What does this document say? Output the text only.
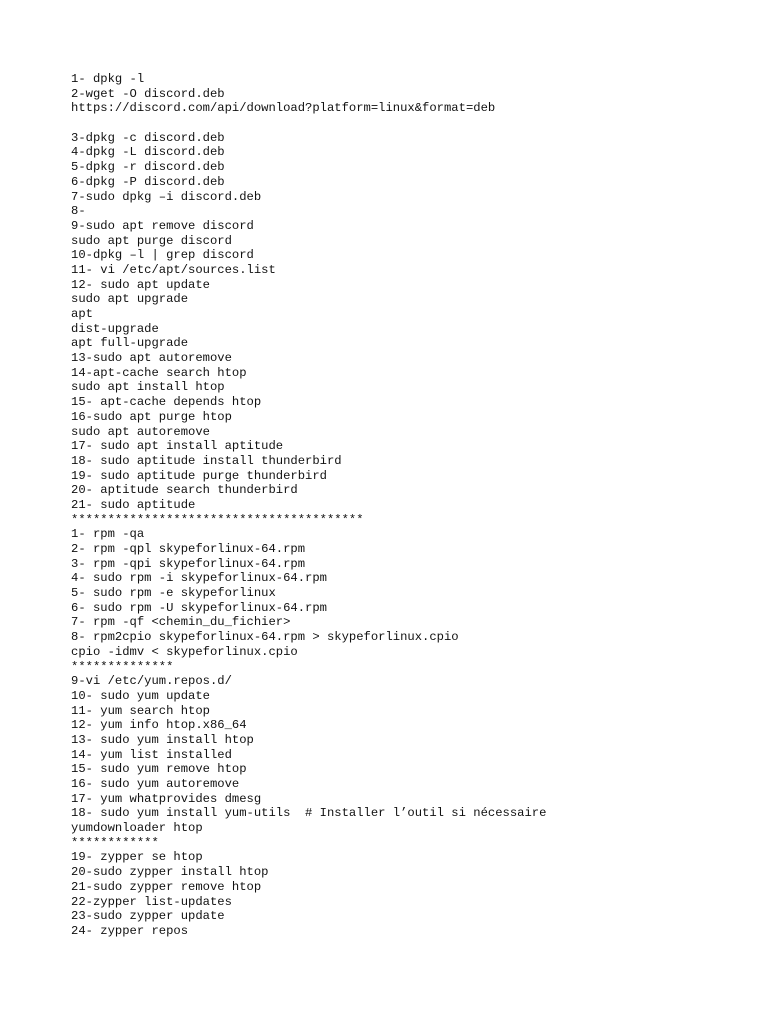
1- dpkg -l
2-wget -O discord.deb
https://discord.com/api/download?platform=linux&format=deb
3-dpkg -c discord.deb
4-dpkg -L discord.deb
5-dpkg -r discord.deb
6-dpkg -P discord.deb
7-sudo dpkg –i discord.deb
8-
9-sudo apt remove discord
sudo apt purge discord
10-dpkg –l | grep discord
11- vi /etc/apt/sources.list
12- sudo apt update
sudo apt upgrade
apt
dist-upgrade
apt full-upgrade
13-sudo apt autoremove
14-apt-cache search htop
sudo apt install htop
15- apt-cache depends htop
16-sudo apt purge htop
sudo apt autoremove
17- sudo apt install aptitude
18- sudo aptitude install thunderbird
19- sudo aptitude purge thunderbird
20- aptitude search thunderbird
21- sudo aptitude
****************************************
1- rpm -qa
2- rpm -qpl skypeforlinux-64.rpm
3- rpm -qpi skypeforlinux-64.rpm
4- sudo rpm -i skypeforlinux-64.rpm
5- sudo rpm -e skypeforlinux
6- sudo rpm -U skypeforlinux-64.rpm
7- rpm -qf <chemin_du_fichier>
8- rpm2cpio skypeforlinux-64.rpm > skypeforlinux.cpio
cpio -idmv < skypeforlinux.cpio
**************
9-vi /etc/yum.repos.d/
10- sudo yum update
11- yum search htop
12- yum info htop.x86_64
13- sudo yum install htop
14- yum list installed
15- sudo yum remove htop
16- sudo yum autoremove
17- yum whatprovides dmesg
18- sudo yum install yum-utils  # Installer l’outil si nécessaire
yumdownloader htop
************
19- zypper se htop
20-sudo zypper install htop
21-sudo zypper remove htop
22-zypper list-updates
23-sudo zypper update
24- zypper repos
